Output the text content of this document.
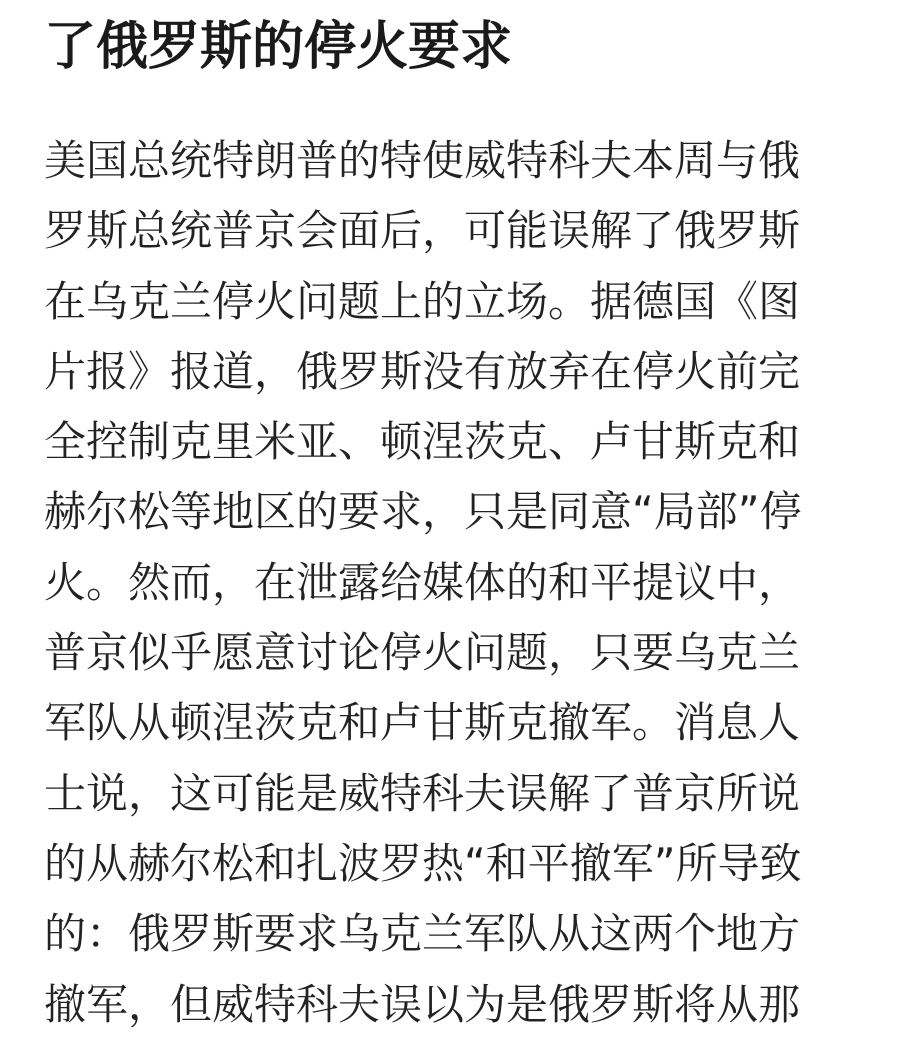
了俄罗斯的停火要求
美国总统特朗普的特使威特科夫本周与俄
罗斯总统普京会面后，可能误解了俄罗斯
在乌克兰停火问题上的立场。据德国《图
片报》报道，俄罗斯没有放弃在停火前完
全控制克里米亚、顿涅茨克、卢甘斯克和
赫尔松等地区的要求，只是同意“局部”停
火。然而，在泄露给媒体的和平提议中，
普京似乎愿意讨论停火问题，只要乌克兰
军队从顿涅茨克和卢甘斯克撤军。消息人
士说，这可能是威特科夫误解了普京所说
的从赫尔松和扎波罗热“和平撤军”所导致
的：俄罗斯要求乌克兰军队从这两个地方
撤军，但威特科夫误以为是俄罗斯将从那
